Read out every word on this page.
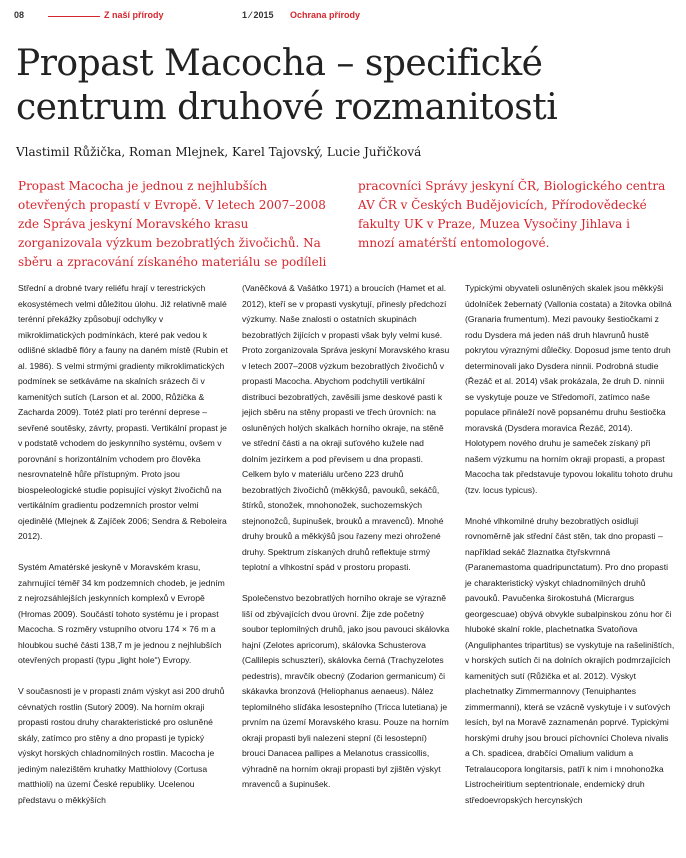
08	Z naší přírody	1 ⁄ 2015 Ochrana přírody
Propast Macocha – specifické centrum druhové rozmanitosti
Vlastimil Růžička, Roman Mlejnek, Karel Tajovský, Lucie Juřičková

Propast Macocha je jednou z nejhlubších otevřených propastí v Evropě. V letech 2007–2008 zde Správa jeskyní Moravského krasu zorganizovala výzkum bezobratlých živočichů. Na sběru a zpracování získaného materiálu se podíleli pracovníci Správy jeskyní ČR, Biologického centra AV ČR v Českých Budějovicích, Přírodovědecké fakulty UK v Praze, Muzea Vysočiny Jihlava i mnozí amatérští entomologové.

Střední a drobné tvary reliéfu hrají v terestrických ekosystémech velmi důležitou úlohu. Již relativně malé terénní překážky způsobují odchylky v mikroklimatických podmínkách, které pak vedou k odlišné skladbě flóry a fauny na daném místě (Rubin et al. 1986). S velmi strmými gradienty mikroklimatických podmínek se setkáváme na skalních srázech či v kamenitých sutích (Larson et al. 2000, Růžička & Zacharda 2009). Totéž platí pro terénní deprese – sevřené soutěsky, závrty, propasti. Vertikální propast je v podstatě vchodem do jeskynního systému, ovšem v porovnání s horizontálním vchodem pro člověka nesrovnatelně hůře přístupným. Proto jsou biospeleologické studie popisující výskyt živočichů na vertikálním gradientu podzemních prostor velmi ojedinělé (Mlejnek & Zajíček 2006; Sendra & Reboleira 2012).

Systém Amatérské jeskyně v Moravském krasu, zahrnující téměř 34 km podzemních chodeb, je jedním z nejrozsáhlejších jeskynních komplexů v Evropě (Hromas 2009). Součástí tohoto systému je i propast Macocha. S rozměry vstupního otvoru 174 × 76 m a hloubkou suché části 138,7 m je jednou z nejhlubších otevřených propastí (typu „light hole“) Evropy.

V současnosti je v propasti znám výskyt asi 200 druhů cévnatých rostlin (Sutorý 2009). Na horním okraji propasti rostou druhy charakteristické pro osluněné skály, zatímco pro stěny a dno propasti je typický výskyt horských chladnomilných rostlin. Macocha je jediným nalezištěm kruhatky Matthiolovy (Cortusa matthioli) na území České republiky. Ucelenou představu o měkkýších

(Vaněčková & Vašátko 1971) a broucích (Hamet et al. 2012), kteří se v propasti vyskytují, přinesly předchozí výzkumy. Naše znalosti o ostatních skupinách bezobratlých žijících v propasti však byly velmi kusé. Proto zorganizovala Správa jeskyní Moravského krasu v letech 2007–2008 výzkum bezobratlých živočichů v propasti Macocha. Abychom podchytili vertikální distribuci bezobratlých, zavěsili jsme deskové pasti k jejich sběru na stěny propasti ve třech úrovních: na osluněných holých skalkách horního okraje, na stěně ve střední části a na okraji suťového kužele nad dolním jezírkem a pod převisem u dna propasti. Celkem bylo v materiálu určeno 223 druhů bezobratlých živočichů (měkkýšů, pavouků, sekáčů, štírků, stonožek, mnohonožek, suchozemských stejnonožců, šupinušek, brouků a mravenců). Mnohé druhy brouků a měkkýšů jsou řazeny mezi ohrožené druhy. Spektrum získaných druhů reflektuje strmý teplotní a vlhkostní spád v prostoru propasti.

Společenstvo bezobratlých horního okraje se výrazně liší od zbývajících dvou úrovní. Žije zde početný soubor teplomilných druhů, jako jsou pavouci skálovka hajní (Zelotes apricorum), skálovka Schusterova (Callilepis schuszteri), skálovka černá (Trachyzelotes pedestris), mravčík obecný (Zodarion germanicum) či skákavka bronzová (Heliophanus aenaeus). Nález teplomilného slíďáka lesostepního (Tricca lutetiana) je prvním na území Moravského krasu. Pouze na horním okraji propasti byli nalezeni stepní (či lesostepní) brouci Danacea pallipes a Melanotus crassicollis, výhradně na horním okraji propasti byl zjištěn výskyt mravenců a šupinušek.

Typickými obyvateli osluněných skalek jsou měkkýši údolníček žebernatý (Vallonia costata) a žitovka obilná (Granaria frumentum). Mezi pavouky šestiočkami z rodu Dysdera má jeden náš druh hlavrunů hustě pokrytou výraznými důlečky. Doposud jsme tento druh determinovali jako Dysdera ninnii. Podrobná studie (Řezáč et al. 2014) však prokázala, že druh D. ninnii se vyskytuje pouze ve Středomoří, zatímco naše populace přináleží nově popsanému druhu šestiočka moravská (Dysdera moravica Řezáč, 2014). Holotypem nového druhu je sameček získaný při našem výzkumu na horním okraji propasti, a propast Macocha tak představuje typovou lokalitu tohoto druhu (tzv. locus typicus).

Mnohé vlhkomilné druhy bezobratlých osidlují rovnoměrně jak střední část stěn, tak dno propasti – například sekáč žlaznatka čtyřskvrnná (Paranemastoma quadripunctatum). Pro dno propasti je charakteristický výskyt chladnomilných druhů pavouků. Pavučenka širokostuhá (Micrargus georgescuae) obývá obvykle subalpinskou zónu hor či hluboké skalní rokle, plachetnatka Svatoňova (Anguliphantes tripartitus) se vyskytuje na rašeliništích, v horských sutích či na dolních okrajích podmrzajících kamenitých sutí (Růžička et al. 2012). Výskyt plachetnatky Zimmermannovy (Tenuiphantes zimmermanni), která se vzácně vyskytuje i v suťových lesích, byl na Moravě zaznamenán poprvé. Typickými horskými druhy jsou brouci píchovníci Choleva nivalis a Ch. spadicea, drabčíci Omalium validum a Tetralaucopora longitarsis, patří k nim i mnohonožka Listrocheiritium septentrionale, endemický druh středoevropských hercynských
